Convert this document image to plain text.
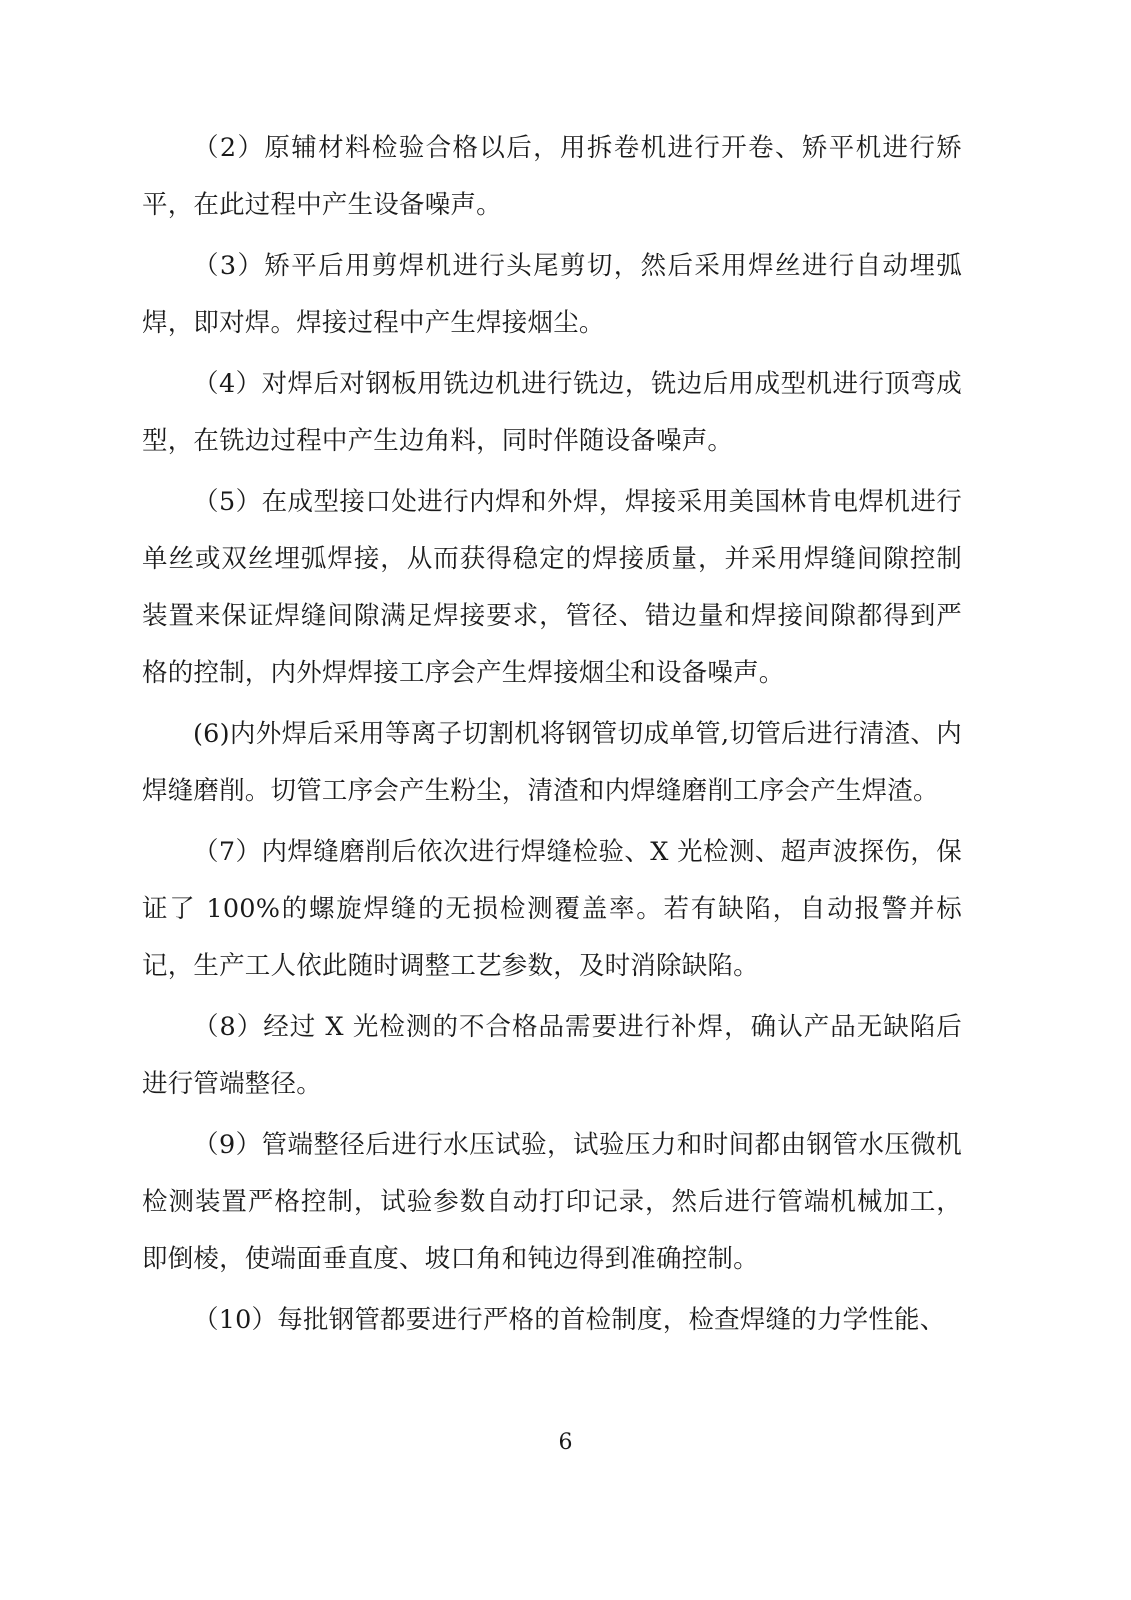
（2）原辅材料检验合格以后，用拆卷机进行开卷、矫平机进行矫平，在此过程中产生设备噪声。

（3）矫平后用剪焊机进行头尾剪切，然后采用焊丝进行自动埋弧焊，即对焊。焊接过程中产生焊接烟尘。

（4）对焊后对钢板用铣边机进行铣边，铣边后用成型机进行顶弯成型，在铣边过程中产生边角料，同时伴随设备噪声。

（5）在成型接口处进行内焊和外焊，焊接采用美国林肯电焊机进行单丝或双丝埋弧焊接，从而获得稳定的焊接质量，并采用焊缝间隙控制装置来保证焊缝间隙满足焊接要求，管径、错边量和焊接间隙都得到严格的控制，内外焊焊接工序会产生焊接烟尘和设备噪声。

(6)内外焊后采用等离子切割机将钢管切成单管,切管后进行清渣、内焊缝磨削。切管工序会产生粉尘，清渣和内焊缝磨削工序会产生焊渣。

（7）内焊缝磨削后依次进行焊缝检验、X 光检测、超声波探伤，保证了 100%的螺旋焊缝的无损检测覆盖率。若有缺陷，自动报警并标记，生产工人依此随时调整工艺参数，及时消除缺陷。

（8）经过 X 光检测的不合格品需要进行补焊，确认产品无缺陷后进行管端整径。

（9）管端整径后进行水压试验，试验压力和时间都由钢管水压微机检测装置严格控制，试验参数自动打印记录，然后进行管端机械加工，即倒棱，使端面垂直度、坡口角和钝边得到准确控制。

（10）每批钢管都要进行严格的首检制度，检查焊缝的力学性能、

6
